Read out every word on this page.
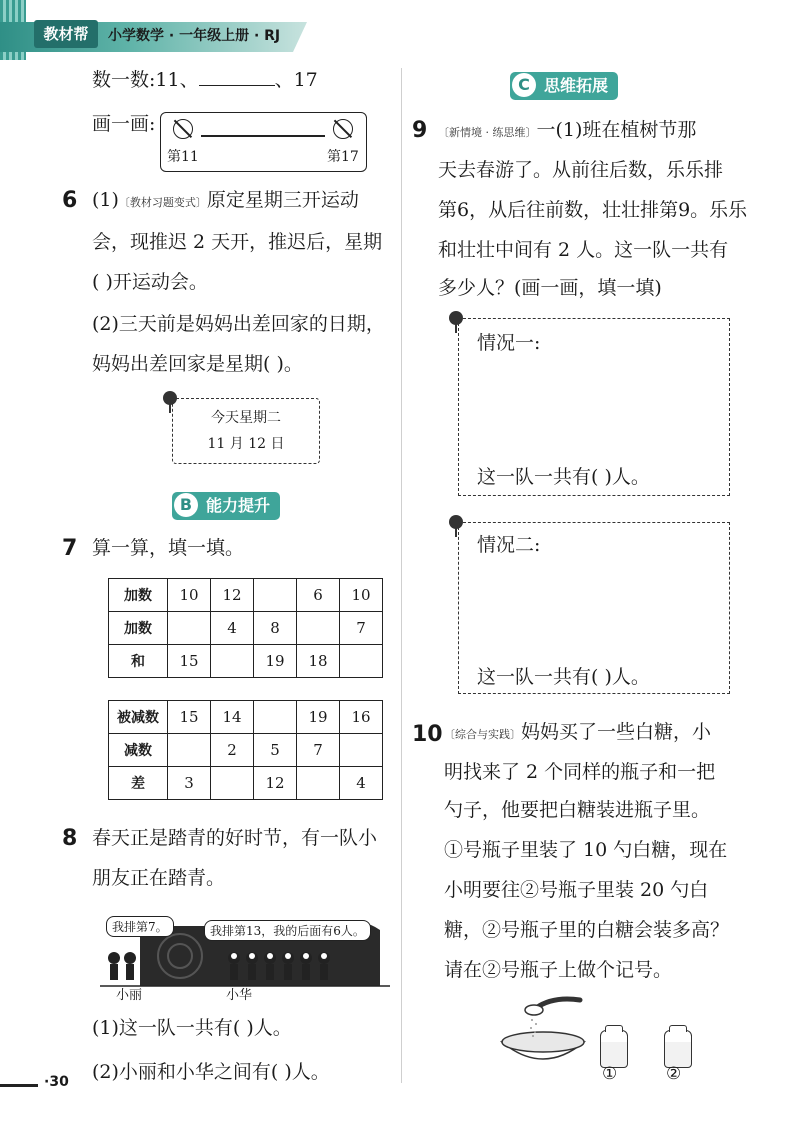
教材帮	小学数学 · 一年级上册 · RJ
数一数:11、	、17
画一画:
第11	第17
6 (1)〔教材习题变式〕原定星期三开运动
会，现推迟 2 天开，推迟后，星期
( )开运动会。
(2)三天前是妈妈出差回家的日期，
妈妈出差回家是星期( )。
今天星期二
11 月 12 日
B 能力提升
7 算一算，填一填。
加数	10	12		6	10
加数		4	8		7
和	15		19	18	
被减数	15	14		19	16
减数		2	5	7	
差	3		12		4
8 春天正是踏青的好时节，有一队小
朋友正在踏青。
我排第7。	我排第13，我的后面有6人。
小丽	小华
(1)这一队一共有( )人。
(2)小丽和小华之间有( )人。
·30
C 思维拓展
9 〔新情境 · 练思维〕一(1)班在植树节那
天去春游了。从前往后数，乐乐排
第6，从后往前数，壮壮排第9。乐乐
和壮壮中间有 2 人。这一队一共有
多少人？(画一画，填一填)
情况一:
这一队一共有( )人。
情况二:
这一队一共有( )人。
10 〔综合与实践〕妈妈买了一些白糖，小
明找来了 2 个同样的瓶子和一把
勺子，他要把白糖装进瓶子里。
①号瓶子里装了 10 勺白糖，现在
小明要往②号瓶子里装 20 勺白
糖，②号瓶子里的白糖会装多高？
请在②号瓶子上做个记号。
①	②
